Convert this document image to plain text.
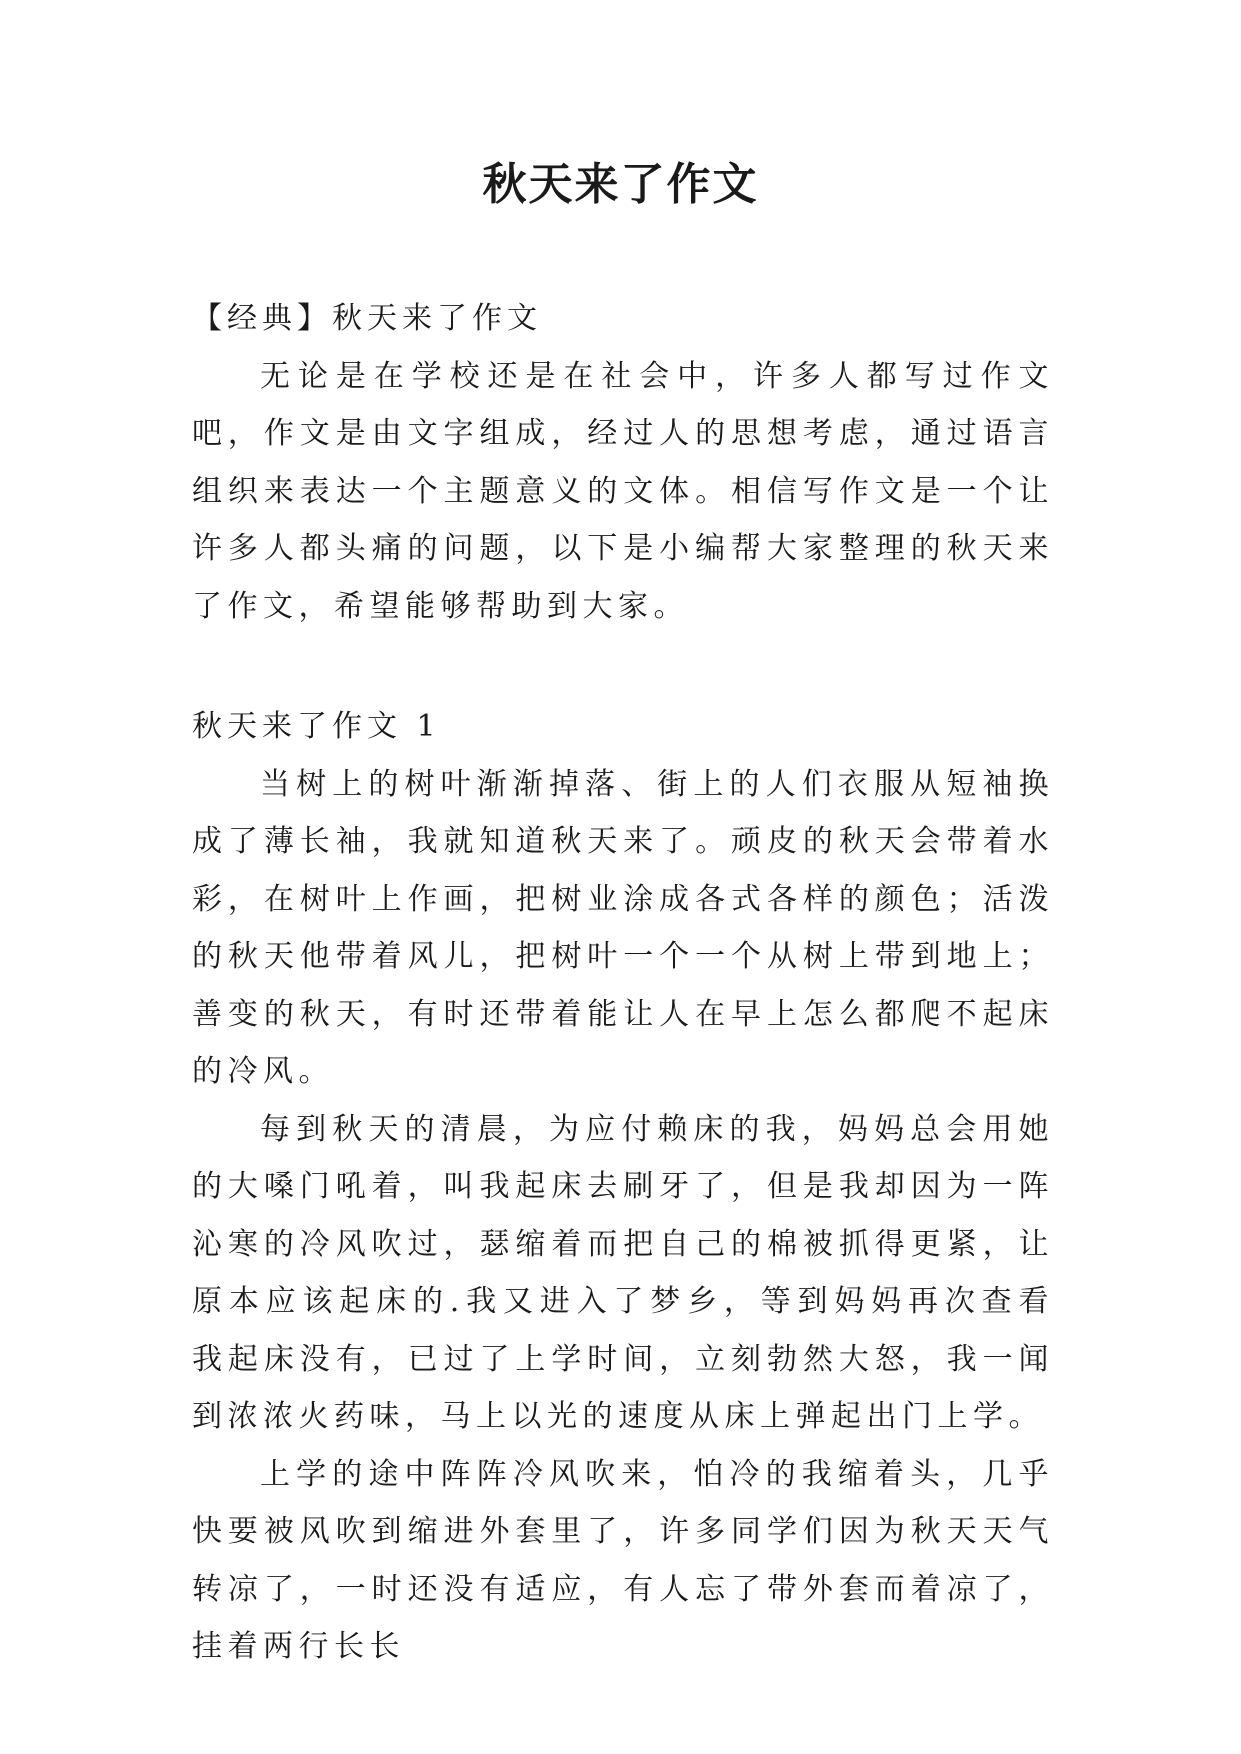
秋天来了作文

【经典】秋天来了作文

无论是在学校还是在社会中，许多人都写过作文吧，作文是由文字组成，经过人的思想考虑，通过语言组织来表达一个主题意义的文体。相信写作文是一个让许多人都头痛的问题，以下是小编帮大家整理的秋天来了作文，希望能够帮助到大家。

秋天来了作文 1

当树上的树叶渐渐掉落、街上的人们衣服从短袖换成了薄长袖，我就知道秋天来了。顽皮的秋天会带着水彩，在树叶上作画，把树业涂成各式各样的颜色；活泼的秋天他带着风儿，把树叶一个一个从树上带到地上；善变的秋天，有时还带着能让人在早上怎么都爬不起床的冷风。

每到秋天的清晨，为应付赖床的我，妈妈总会用她的大嗓门吼着，叫我起床去刷牙了，但是我却因为一阵沁寒的冷风吹过，瑟缩着而把自己的棉被抓得更紧，让原本应该起床的.我又进入了梦乡，等到妈妈再次查看我起床没有，已过了上学时间，立刻勃然大怒，我一闻到浓浓火药味，马上以光的速度从床上弹起出门上学。

上学的途中阵阵冷风吹来，怕冷的我缩着头，几乎快要被风吹到缩进外套里了，许多同学们因为秋天天气转凉了，一时还没有适应，有人忘了带外套而着凉了，挂着两行长长
